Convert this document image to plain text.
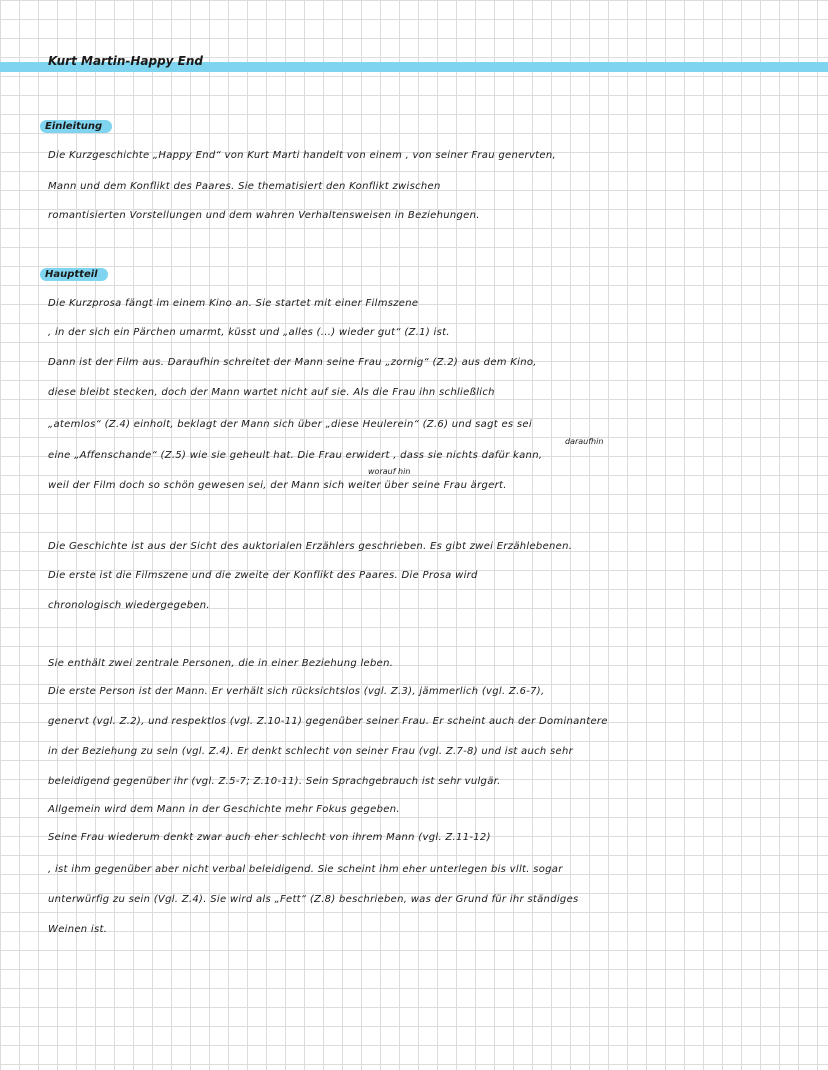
Kurt Martin-Happy End
Einleitung
Die Kurzgeschichte „Happy End“ von Kurt Marti handelt von einem , von seiner Frau genervten,
Mann und dem Konflikt des Paares. Sie thematisiert den Konflikt zwischen
romantisierten Vorstellungen und dem wahren Verhaltensweisen in Beziehungen.
Hauptteil
Die Kurzprosa fängt im einem Kino an. Sie startet mit einer Filmszene
, in der sich ein Pärchen umarmt, küsst und „alles (...) wieder gut“ (Z.1) ist.
Dann ist der Film aus. Daraufhin schreitet der Mann seine Frau „zornig“ (Z.2) aus dem Kino,
diese bleibt stecken, doch der Mann wartet nicht auf sie. Als die Frau ihn schließlich
„atemlos“ (Z.4) einholt, beklagt der Mann sich über „diese Heulerein“ (Z.6) und sagt es sei
daraufhin
eine „Affenschande“ (Z.5) wie sie geheult hat. Die Frau erwidert , dass sie nichts dafür kann,
worauf hin
weil der Film doch so schön gewesen sei, der Mann sich weiter über seine Frau ärgert.
Die Geschichte ist aus der Sicht des auktorialen Erzählers geschrieben. Es gibt zwei Erzählebenen.
Die erste ist die Filmszene und die zweite der Konflikt des Paares. Die Prosa wird
chronologisch wiedergegeben.
Sie enthält zwei zentrale Personen, die in einer Beziehung leben.
Die erste Person ist der Mann. Er verhält sich rücksichtslos (vgl. Z.3), jämmerlich (vgl. Z.6-7),
genervt (vgl. Z.2), und respektlos (vgl. Z.10-11) gegenüber seiner Frau. Er scheint auch der Dominantere
in der Beziehung zu sein (vgl. Z.4). Er denkt schlecht von seiner Frau (vgl. Z.7-8) und ist auch sehr
beleidigend gegenüber ihr (vgl. Z.5-7; Z.10-11). Sein Sprachgebrauch ist sehr vulgär.
Allgemein wird dem Mann in der Geschichte mehr Fokus gegeben.
Seine Frau wiederum denkt zwar auch eher schlecht von ihrem Mann (vgl. Z.11-12)
, ist ihm gegenüber aber nicht verbal beleidigend. Sie scheint ihm eher unterlegen bis vllt. sogar
unterwürfig zu sein (Vgl. Z.4). Sie wird als „Fett“ (Z.8) beschrieben, was der Grund für ihr ständiges
Weinen ist.
